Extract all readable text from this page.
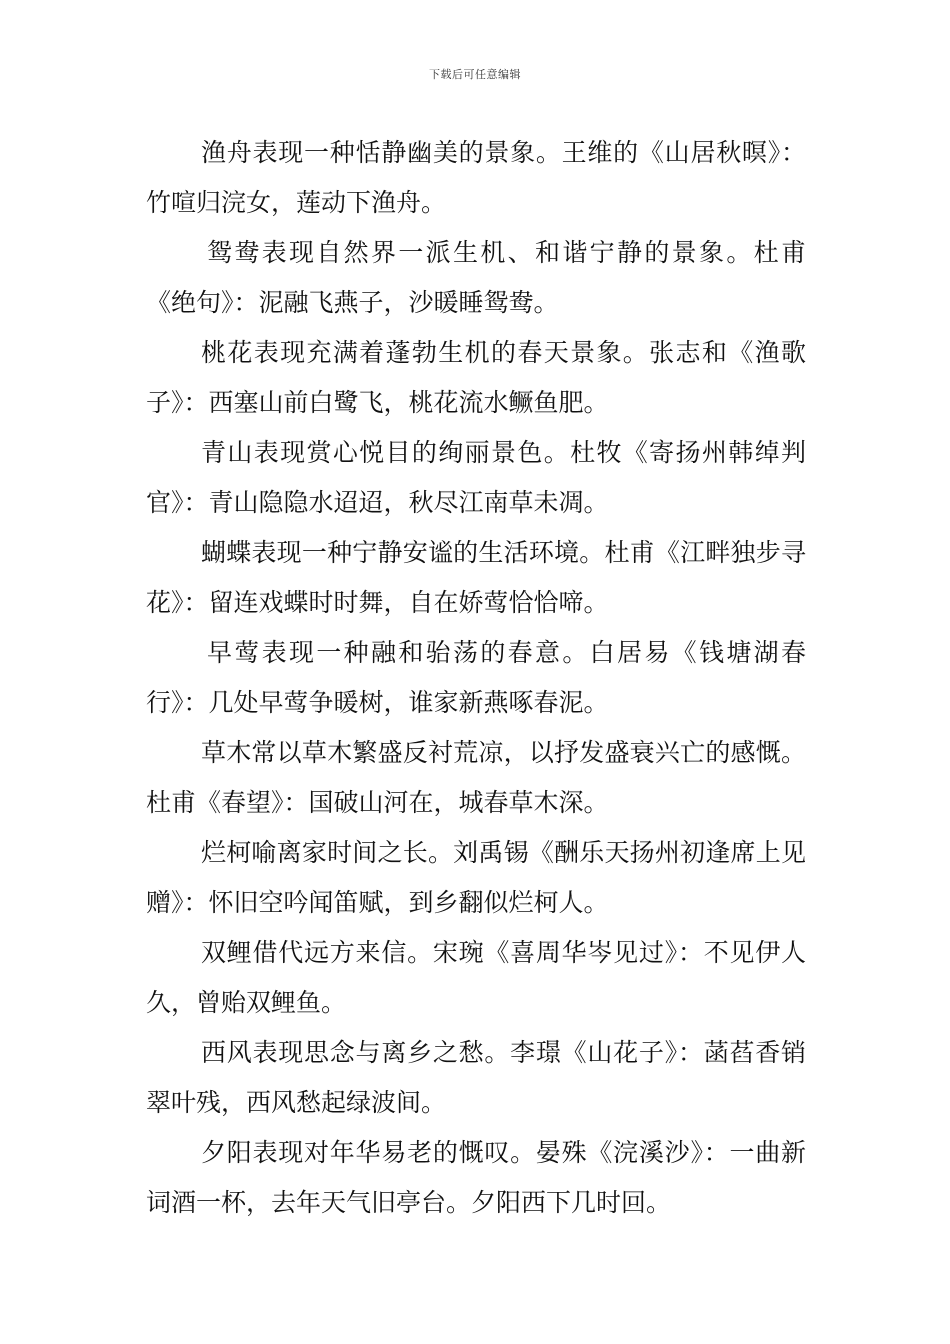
下载后可任意编辑

渔舟表现一种恬静幽美的景象。王维的《山居秋暝》：竹喧归浣女，莲动下渔舟。

鸳鸯表现自然界一派生机、和谐宁静的景象。杜甫《绝句》：泥融飞燕子，沙暖睡鸳鸯。

桃花表现充满着蓬勃生机的春天景象。张志和《渔歌子》：西塞山前白鹭飞，桃花流水鳜鱼肥。

青山表现赏心悦目的绚丽景色。杜牧《寄扬州韩绰判官》：青山隐隐水迢迢，秋尽江南草未凋。

蝴蝶表现一种宁静安谧的生活环境。杜甫《江畔独步寻花》：留连戏蝶时时舞，自在娇莺恰恰啼。

早莺表现一种融和骀荡的春意。白居易《钱塘湖春行》：几处早莺争暖树，谁家新燕啄春泥。

草木常以草木繁盛反衬荒凉，以抒发盛衰兴亡的感慨。杜甫《春望》：国破山河在，城春草木深。

烂柯喻离家时间之长。刘禹锡《酬乐天扬州初逢席上见赠》：怀旧空吟闻笛赋，到乡翻似烂柯人。

双鲤借代远方来信。宋琬《喜周华岑见过》：不见伊人久，曾贻双鲤鱼。

西风表现思念与离乡之愁。李璟《山花子》：菡萏香销翠叶残，西风愁起绿波间。

夕阳表现对年华易老的慨叹。晏殊《浣溪沙》：一曲新词酒一杯，去年天气旧亭台。夕阳西下几时回。
